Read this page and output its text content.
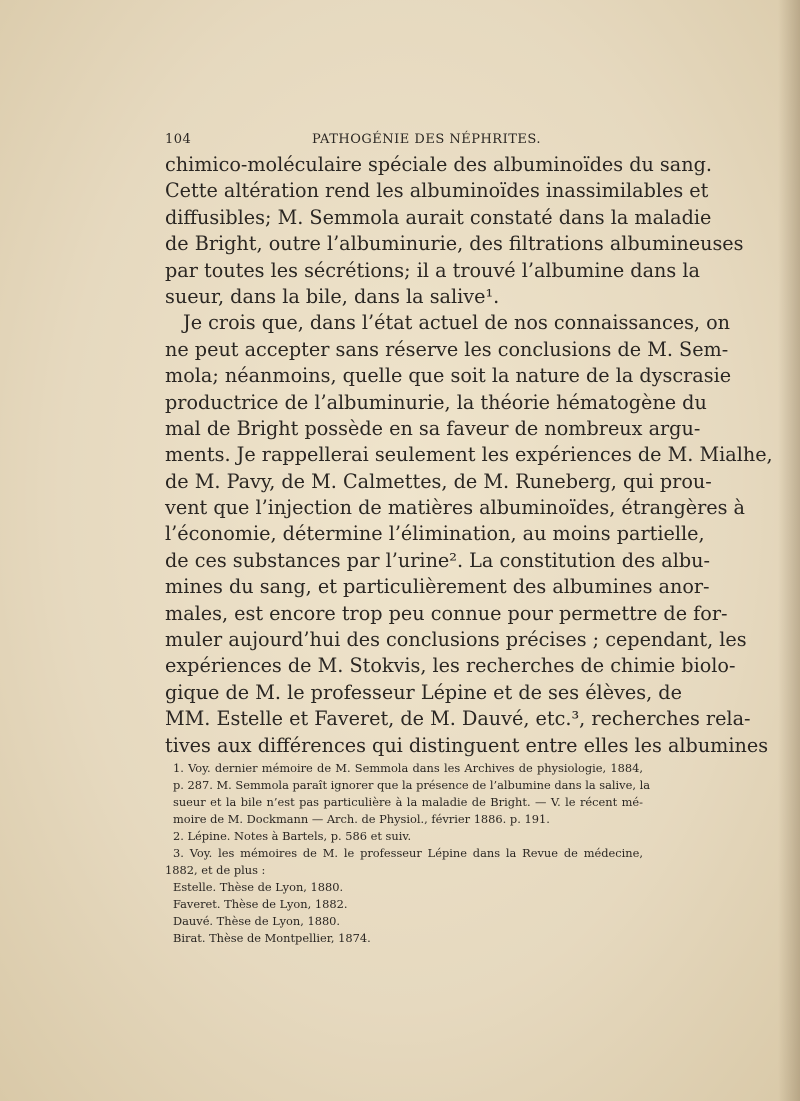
104	PATHOGÉNIE DES NÉPHRITES.
chimico-moléculaire spéciale des albuminoïdes du sang.
Cette altération rend les albuminoïdes inassimilables et
diffusibles; M. Semmola aurait constaté dans la maladie
de Bright, outre l’albuminurie, des filtrations albumineuses
par toutes les sécrétions; il a trouvé l’albumine dans la
sueur, dans la bile, dans la salive¹.
Je crois que, dans l’état actuel de nos connaissances, on
ne peut accepter sans réserve les conclusions de M. Sem-
mola; néanmoins, quelle que soit la nature de la dyscrasie
productrice de l’albuminurie, la théorie hématogène du
mal de Bright possède en sa faveur de nombreux argu-
ments. Je rappellerai seulement les expériences de M. Mialhe,
de M. Pavy, de M. Calmettes, de M. Runeberg, qui prou-
vent que l’injection de matières albuminoïdes, étrangères à
l’économie, détermine l’élimination, au moins partielle,
de ces substances par l’urine². La constitution des albu-
mines du sang, et particulièrement des albumines anor-
males, est encore trop peu connue pour permettre de for-
muler aujourd’hui des conclusions précises ; cependant, les
expériences de M. Stokvis, les recherches de chimie biolo-
gique de M. le professeur Lépine et de ses élèves, de
MM. Estelle et Faveret, de M. Dauvé, etc.³, recherches rela-
tives aux différences qui distinguent entre elles les albumines
1. Voy. dernier mémoire de M. Semmola dans les Archives de physiologie, 1884,
p. 287. M. Semmola paraît ignorer que la présence de l’albumine dans la salive, la
sueur et la bile n’est pas particulière à la maladie de Bright. — V. le récent mé-
moire de M. Dockmann — Arch. de Physiol., février 1886. p. 191.
2. Lépine. Notes à Bartels, p. 586 et suiv.
3. Voy. les mémoires de M. le professeur Lépine dans la Revue de médecine,
1882, et de plus :
Estelle. Thèse de Lyon, 1880.
Faveret. Thèse de Lyon, 1882.
Dauvé. Thèse de Lyon, 1880.
Birat. Thèse de Montpellier, 1874.
